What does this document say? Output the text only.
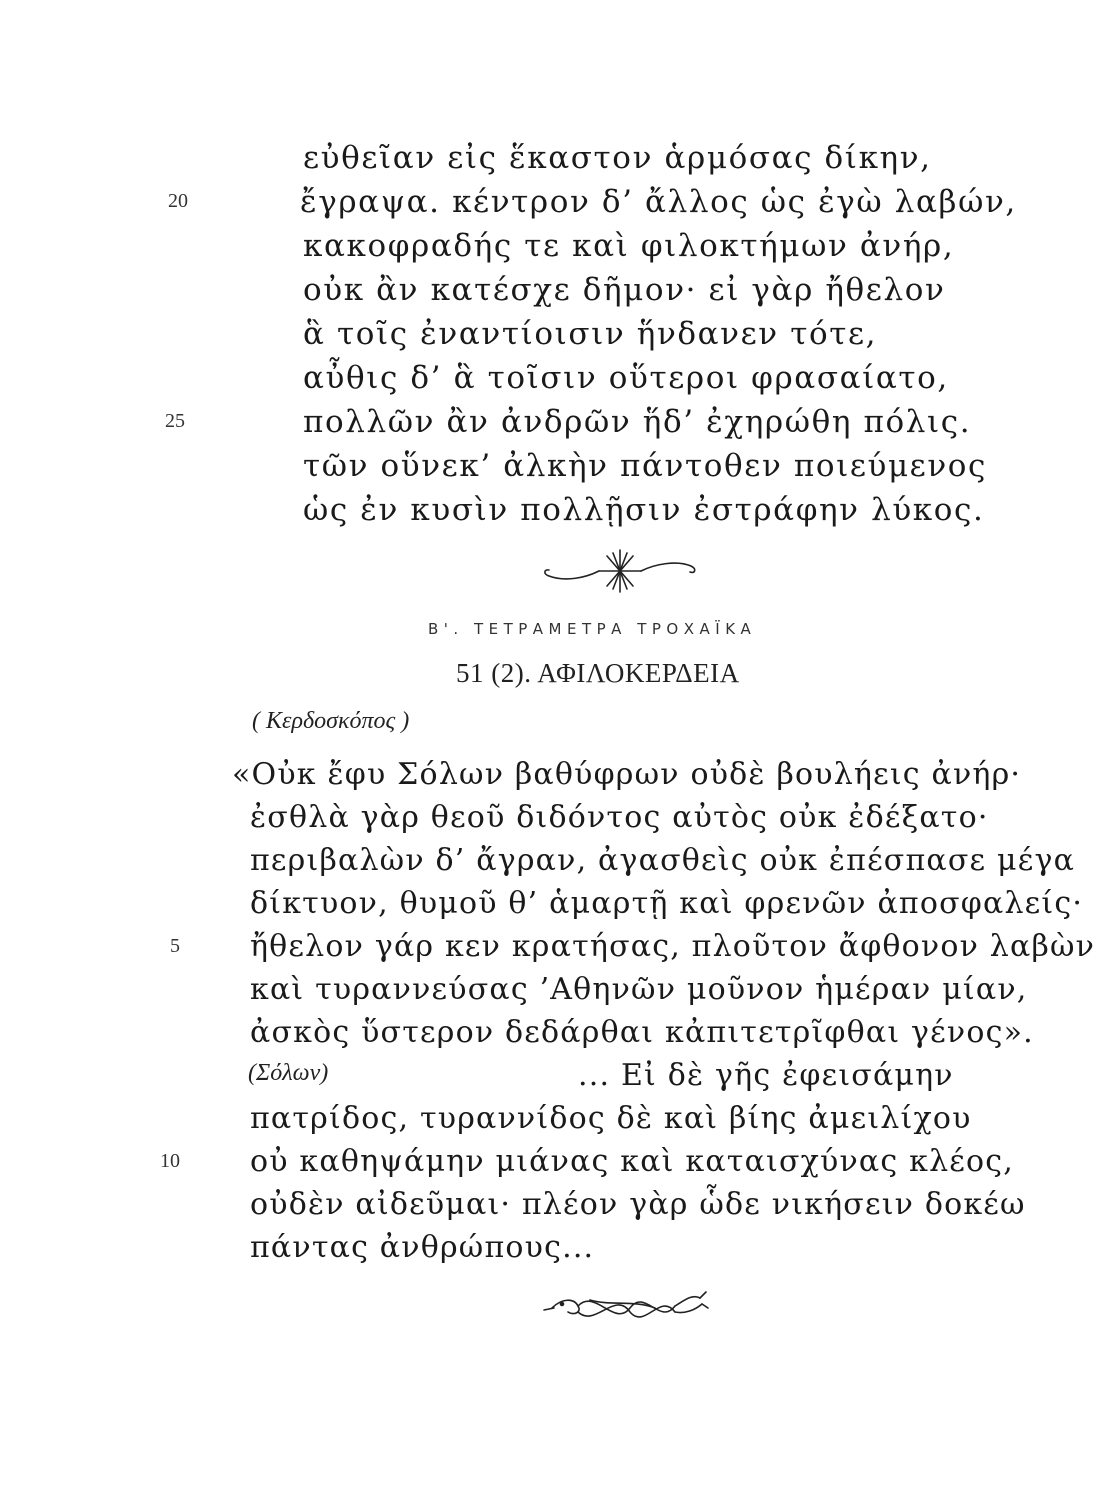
εὐθεῖαν εἰς ἕκαστον ἁρμόσας δίκην,
20	ἔγραψα. κέντρον δ’ ἄλλος ὡς ἐγὼ λαβών,
κακοφραδής τε καὶ φιλοκτήμων ἀνήρ,
οὐκ ἂν κατέσχε δῆμον· εἰ γὰρ ἤθελον
ἃ τοῖς ἐναντίοισιν ἥνδανεν τότε,
αὖθις δ’ ἃ τοῖσιν οὕτεροι φρασαίατο,
25	πολλῶν ἂν ἀνδρῶν ἥδ’ ἐχηρώθη πόλις.
τῶν οὕνεκ’ ἀλκὴν πάντοθεν ποιεύμενος
ὡς ἐν κυσὶν πολλῇσιν ἐστράφην λύκος.
Β'. ΤΕΤΡΑΜΕΤΡΑ ΤΡΟΧΑΪΚΑ
51 (2). ΑΦΙΛΟΚΕΡΔΕΙΑ
( Κερδοσκόπος )
«Οὐκ ἔφυ Σόλων βαθύφρων οὐδὲ βουλήεις ἀνήρ·
ἐσθλὰ γὰρ θεοῦ διδόντος αὐτὸς οὐκ ἐδέξατο·
περιβαλὼν δ’ ἄγραν, ἀγασθεὶς οὐκ ἐπέσπασε μέγα
δίκτυον, θυμοῦ θ’ ἁμαρτῇ καὶ φρενῶν ἀποσφαλείς·
5 ἤθελον γάρ κεν κρατήσας, πλοῦτον ἄφθονον λαβὼν
καὶ τυραννεύσας ’Αθηνῶν μοῦνον ἡμέραν μίαν,
ἀσκὸς ὕστερον δεδάρθαι κἀπιτετρῖφθαι γένος».
(Σόλων)	... Εἰ δὲ γῆς ἐφεισάμην
πατρίδος, τυραννίδος δὲ καὶ βίης ἀμειλίχου
10 οὐ καθηψάμην μιάνας καὶ καταισχύνας κλέος,
οὐδὲν αἰδεῦμαι· πλέον γὰρ ὧδε νικήσειν δοκέω
πάντας ἀνθρώπους...
